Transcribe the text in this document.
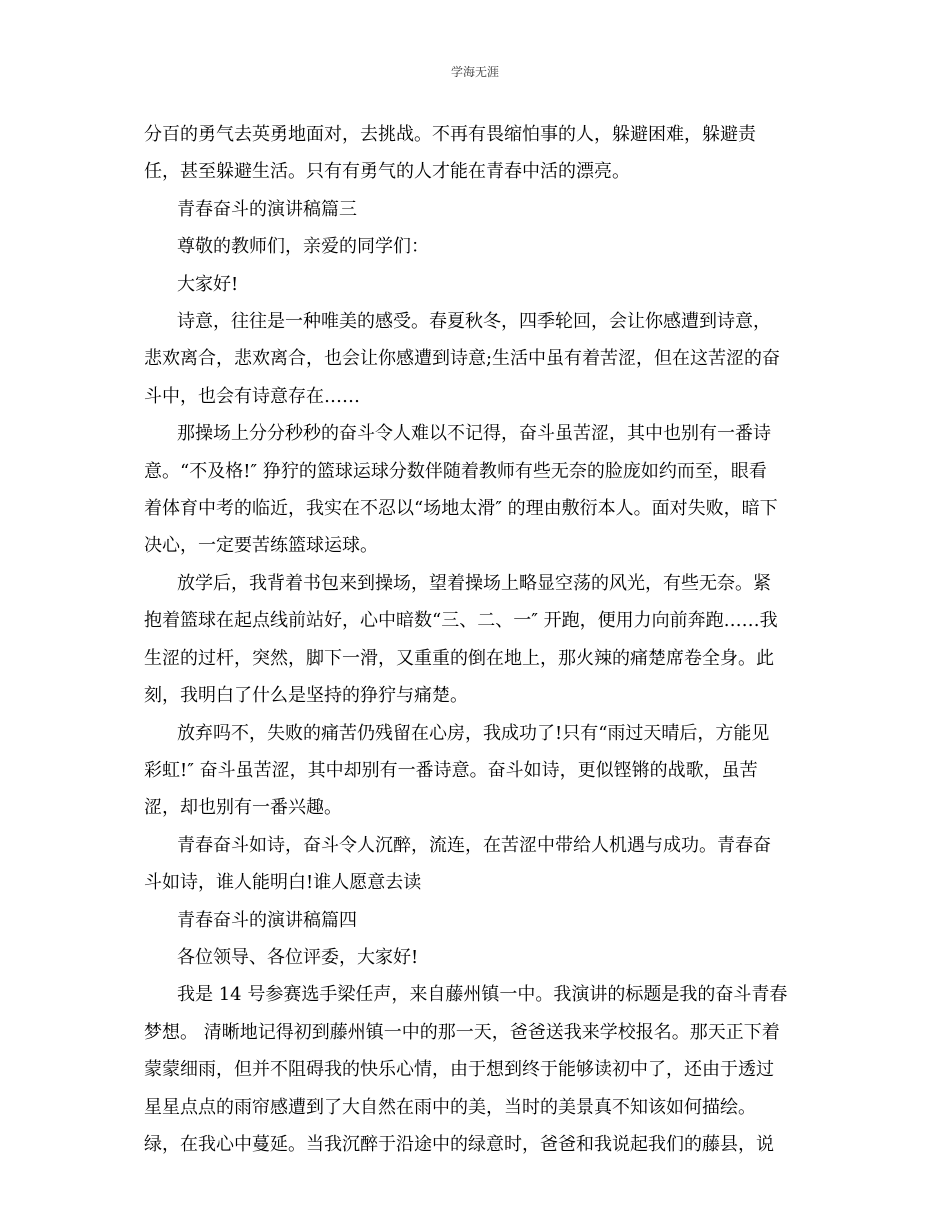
学海无涯

分百的勇气去英勇地面对，去挑战。不再有畏缩怕事的人，躲避困难，躲避责

任，甚至躲避生活。只有有勇气的人才能在青春中活的漂亮。

青春奋斗的演讲稿篇三

尊敬的教师们，亲爱的同学们：

大家好!

诗意，往往是一种唯美的感受。春夏秋冬，四季轮回，会让你感遭到诗意，

悲欢离合，悲欢离合，也会让你感遭到诗意;生活中虽有着苦涩，但在这苦涩的奋

斗中，也会有诗意存在……

那操场上分分秒秒的奋斗令人难以不记得，奋斗虽苦涩，其中也别有一番诗

意。“不及格!″ 狰狞的篮球运球分数伴随着教师有些无奈的脸庞如约而至，眼看

着体育中考的临近，我实在不忍以“场地太滑″ 的理由敷衍本人。面对失败，暗下

决心，一定要苦练篮球运球。

放学后，我背着书包来到操场，望着操场上略显空荡的风光，有些无奈。紧

抱着篮球在起点线前站好，心中暗数“三、二、一″ 开跑，便用力向前奔跑……我

生涩的过杆，突然，脚下一滑，又重重的倒在地上，那火辣的痛楚席卷全身。此

刻，我明白了什么是坚持的狰狞与痛楚。

放弃吗不，失败的痛苦仍残留在心房，我成功了!只有“雨过天晴后，方能见

彩虹!″ 奋斗虽苦涩，其中却别有一番诗意。奋斗如诗，更似铿锵的战歌，虽苦

涩，却也别有一番兴趣。

青春奋斗如诗，奋斗令人沉醉，流连，在苦涩中带给人机遇与成功。青春奋

斗如诗，谁人能明白!谁人愿意去读

青春奋斗的演讲稿篇四

各位领导、各位评委，大家好!

我是 14 号参赛选手梁任声，来自藤州镇一中。我演讲的标题是我的奋斗青春

梦想。 清晰地记得初到藤州镇一中的那一天，爸爸送我来学校报名。那天正下着

蒙蒙细雨，但并不阻碍我的快乐心情，由于想到终于能够读初中了，还由于透过

星星点点的雨帘感遭到了大自然在雨中的美，当时的美景真不知该如何描绘。

绿，在我心中蔓延。当我沉醉于沿途中的绿意时，爸爸和我说起我们的藤县，说
